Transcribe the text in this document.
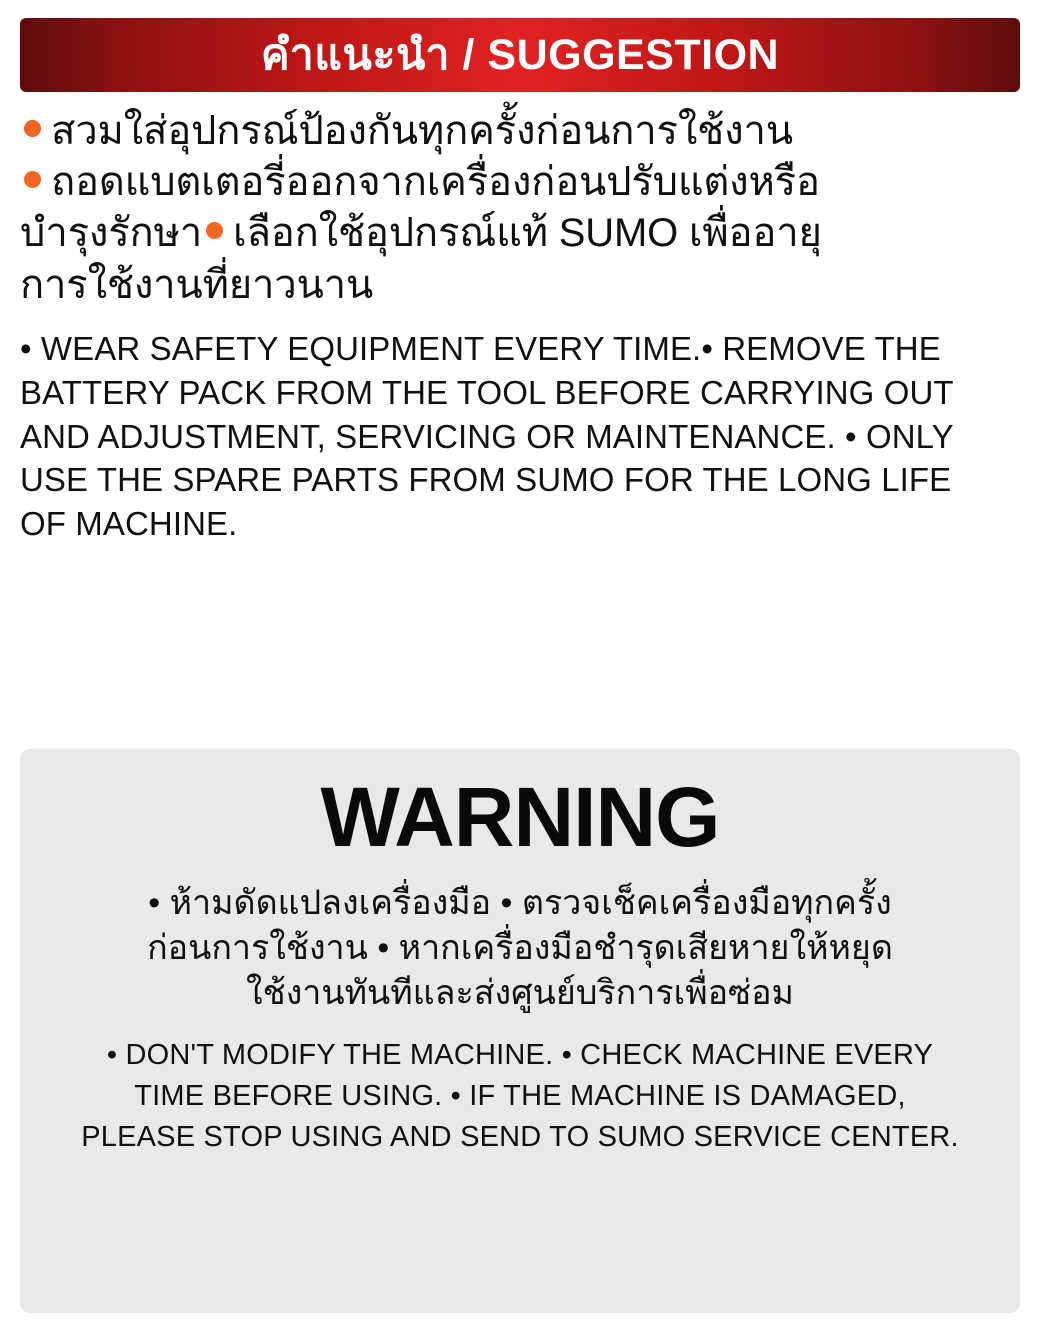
คำแนะนำ / SUGGESTION
สวมใส่อุปกรณ์ป้องกันทุกครั้งก่อนการใช้งาน
ถอดแบตเตอรี่ออกจากเครื่องก่อนปรับแต่งหรือ
บำรุงรักษา เลือกใช้อุปกรณ์แท้ SUMO เพื่ออายุ
การใช้งานที่ยาวนาน
• WEAR SAFETY EQUIPMENT EVERY TIME.• REMOVE THE
BATTERY PACK FROM THE TOOL BEFORE CARRYING OUT
AND ADJUSTMENT, SERVICING OR MAINTENANCE. • ONLY
USE THE SPARE PARTS FROM SUMO FOR THE LONG LIFE
OF MACHINE.
WARNING
• ห้ามดัดแปลงเครื่องมือ • ตรวจเช็คเครื่องมือทุกครั้ง
ก่อนการใช้งาน • หากเครื่องมือชำรุดเสียหายให้หยุด
ใช้งานทันทีและส่งศูนย์บริการเพื่อซ่อม
• DON'T MODIFY THE MACHINE. • CHECK MACHINE EVERY
TIME BEFORE USING. • IF THE MACHINE IS DAMAGED,
PLEASE STOP USING AND SEND TO SUMO SERVICE CENTER.
